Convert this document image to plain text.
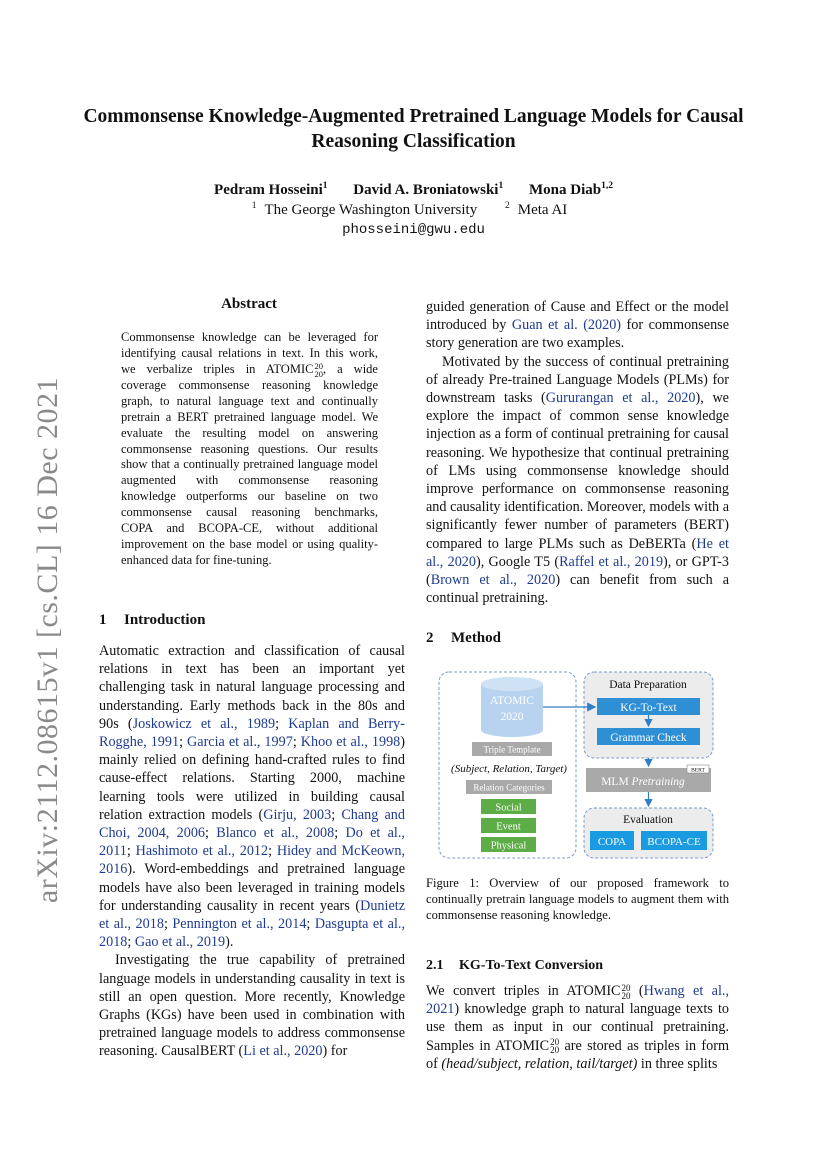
arXiv:2112.08615v1 [cs.CL] 16 Dec 2021
Commonsense Knowledge-Augmented Pretrained Language Models for Causal Reasoning Classification
Pedram Hosseini$^1$ David A. Broniatowski$^1$ Mona Diab$^{1,2}$
$^1$ The George Washington University	$^2$ Meta AI
phosseini@gwu.edu
Abstract

Commonsense knowledge can be leveraged for identifying causal relations in text. In this work, we verbalize triples in ATOMIC 20
20 , a wide coverage commonsense reasoning knowledge graph, to natural language text and continually pretrain a BERT pretrained language model. We evaluate the resulting model on answering commonsense reasoning questions. Our results show that a continually pretrained language model augmented with commonsense reasoning knowledge outperforms our baseline on two commonsense causal reasoning benchmarks, COPA and BCOPA-CE, without additional improvement on the base model or using quality-enhanced data for fine-tuning.

1 Introduction

Automatic extraction and classification of causal relations in text has been an important yet challenging task in natural language processing and understanding. Early methods back in the 80s and 90s (Joskowicz et al., 1989; Kaplan and Berry-Rogghe, 1991; Garcia et al., 1997; Khoo et al., 1998) mainly relied on defining hand-crafted rules to find cause-effect relations. Starting 2000, machine learning tools were utilized in building causal relation extraction models (Girju, 2003; Chang and Choi, 2004, 2006; Blanco et al., 2008; Do et al., 2011; Hashimoto et al., 2012; Hidey and McKeown, 2016). Word-embeddings and pretrained language models have also been leveraged in training models for understanding causality in recent years (Dunietz et al., 2018; Pennington et al., 2014; Dasgupta et al., 2018; Gao et al., 2019).

Investigating the true capability of pretrained language models in understanding causality in text is still an open question. More recently, Knowledge Graphs (KGs) have been used in combination with pretrained language models to address commonsense reasoning. CausalBERT (Li et al., 2020) for

guided generation of Cause and Effect or the model introduced by Guan et al. (2020) for commonsense story generation are two examples.

Motivated by the success of continual pretraining of already Pre-trained Language Models (PLMs) for downstream tasks (Gururangan et al., 2020), we explore the impact of common sense knowledge injection as a form of continual pretraining for causal reasoning. We hypothesize that continual pretraining of LMs using commonsense knowledge should improve performance on commonsense reasoning and causality identification. Moreover, models with a significantly fewer number of parameters (BERT) compared to large PLMs such as DeBERTa (He et al., 2020), Google T5 (Raffel et al., 2019), or GPT-3 (Brown et al., 2020) can benefit from such a continual pretraining.

2 Method
ATOMIC
2020
Triple Template
(Subject, Relation, Target)
Relation Categories
Social
Event
Physical
Data Preparation
KG-To-Text
Grammar Check
BERT
MLM Pretraining
Evaluation
COPA BCOPA-CE
Figure 1: Overview of our proposed framework to continually pretrain language models to augment them with commonsense reasoning knowledge.
2.1 KG-To-Text Conversion

We convert triples in ATOMIC 20
20 (Hwang et al., 2021) knowledge graph to natural language texts to use them as input in our continual pretraining. Samples in ATOMIC 20
20 are stored as triples in form of (head/subject, relation, tail/target) in three splits
